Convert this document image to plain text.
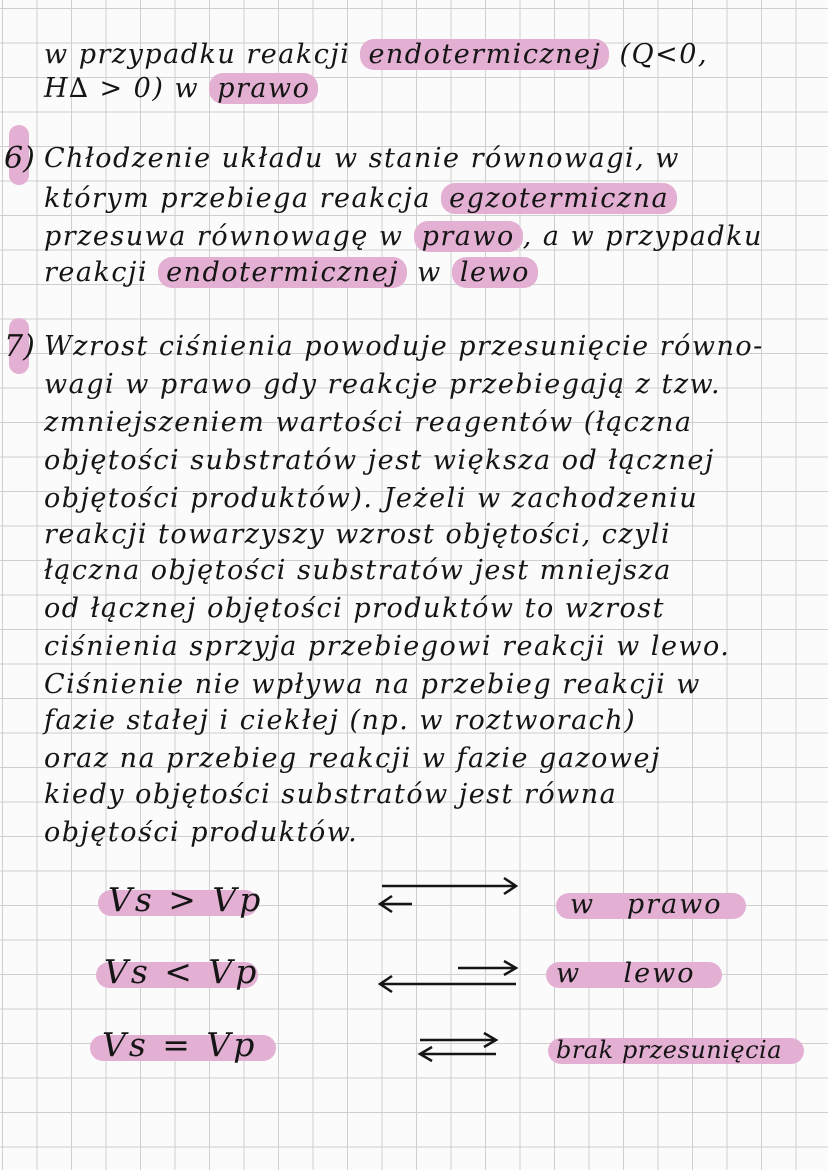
w przypadku reakcji endotermicznej (Q<0,
H∆ > 0) w prawo
6) Chłodzenie układu w stanie równowagi, w
którym przebiega reakcja egzotermiczna
przesuwa równowagę w prawo , a w przypadku
reakcji endotermicznej w lewo
7) Wzrost ciśnienia powoduje przesunięcie równo-
wagi w prawo gdy reakcje przebiegają z tzw.
zmniejszeniem wartości reagentów (łączna
objętości substratów jest większa od łącznej
objętości produktów). Jeżeli w zachodzeniu
reakcji towarzyszy wzrost objętości, czyli
łączna objętości substratów jest mniejsza
od łącznej objętości produktów to wzrost
ciśnienia sprzyja przebiegowi reakcji w lewo.
Ciśnienie nie wpływa na przebieg reakcji w
fazie stałej i ciekłej (np. w roztworach)
oraz na przebieg reakcji w fazie gazowej
kiedy objętości substratów jest równa
objętości produktów.
Vs > Vp	w prawo
Vs < Vp	w lewo
Vs = Vp	brak przesunięcia
